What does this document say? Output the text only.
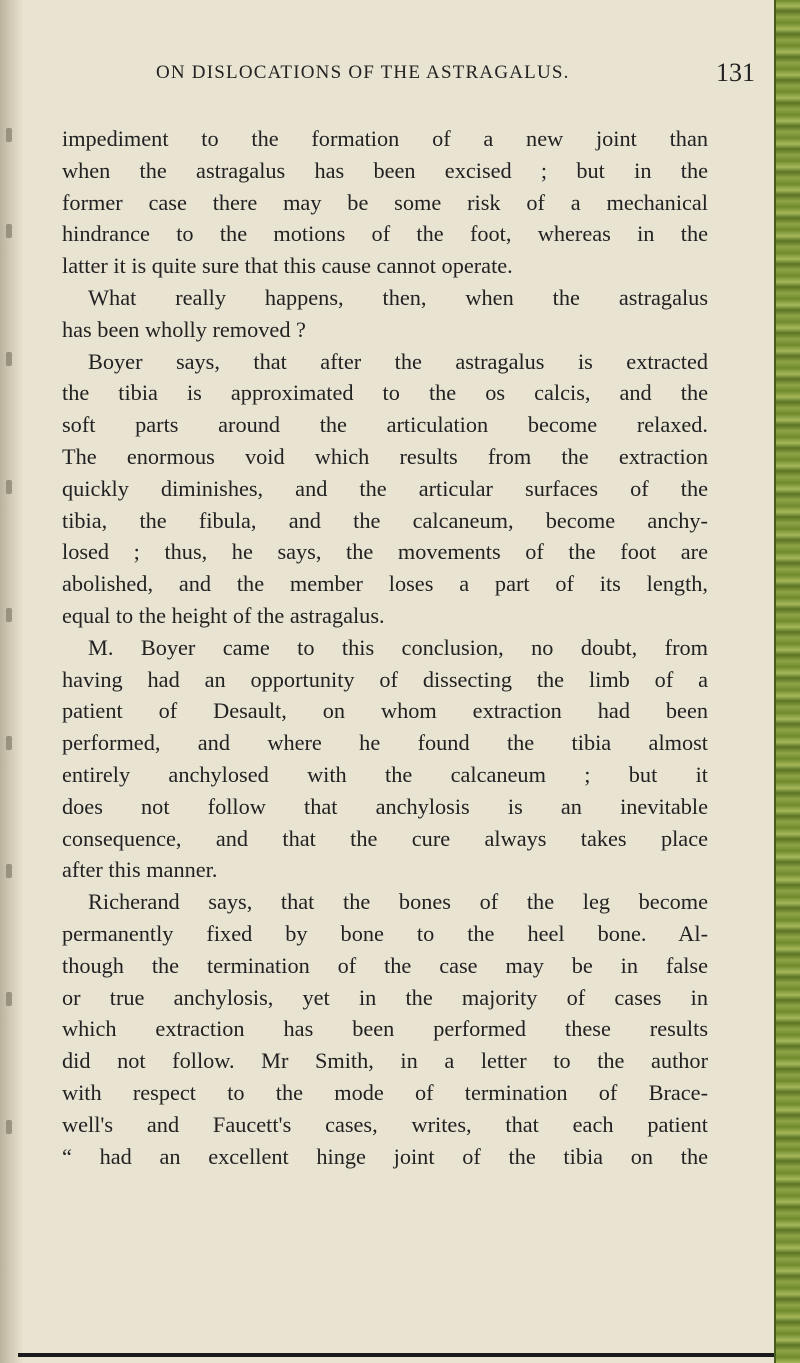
ON DISLOCATIONS OF THE ASTRAGALUS.	131
impediment to the formation of a new joint than
when the astragalus has been excised ; but in the
former case there may be some risk of a mechanical
hindrance to the motions of the foot, whereas in the
latter it is quite sure that this cause cannot operate.
What really happens, then, when the astragalus
has been wholly removed ?
Boyer says, that after the astragalus is extracted
the tibia is approximated to the os calcis, and the
soft parts around the articulation become relaxed.
The enormous void which results from the extraction
quickly diminishes, and the articular surfaces of the
tibia, the fibula, and the calcaneum, become anchy-
losed ; thus, he says, the movements of the foot are
abolished, and the member loses a part of its length,
equal to the height of the astragalus.
M. Boyer came to this conclusion, no doubt, from
having had an opportunity of dissecting the limb of a
patient of Desault, on whom extraction had been
performed, and where he found the tibia almost
entirely anchylosed with the calcaneum ; but it
does not follow that anchylosis is an inevitable
consequence, and that the cure always takes place
after this manner.
Richerand says, that the bones of the leg become
permanently fixed by bone to the heel bone. Al-
though the termination of the case may be in false
or true anchylosis, yet in the majority of cases in
which extraction has been performed these results
did not follow. Mr Smith, in a letter to the author
with respect to the mode of termination of Brace-
well's and Faucett's cases, writes, that each patient
“ had an excellent hinge joint of the tibia on the
